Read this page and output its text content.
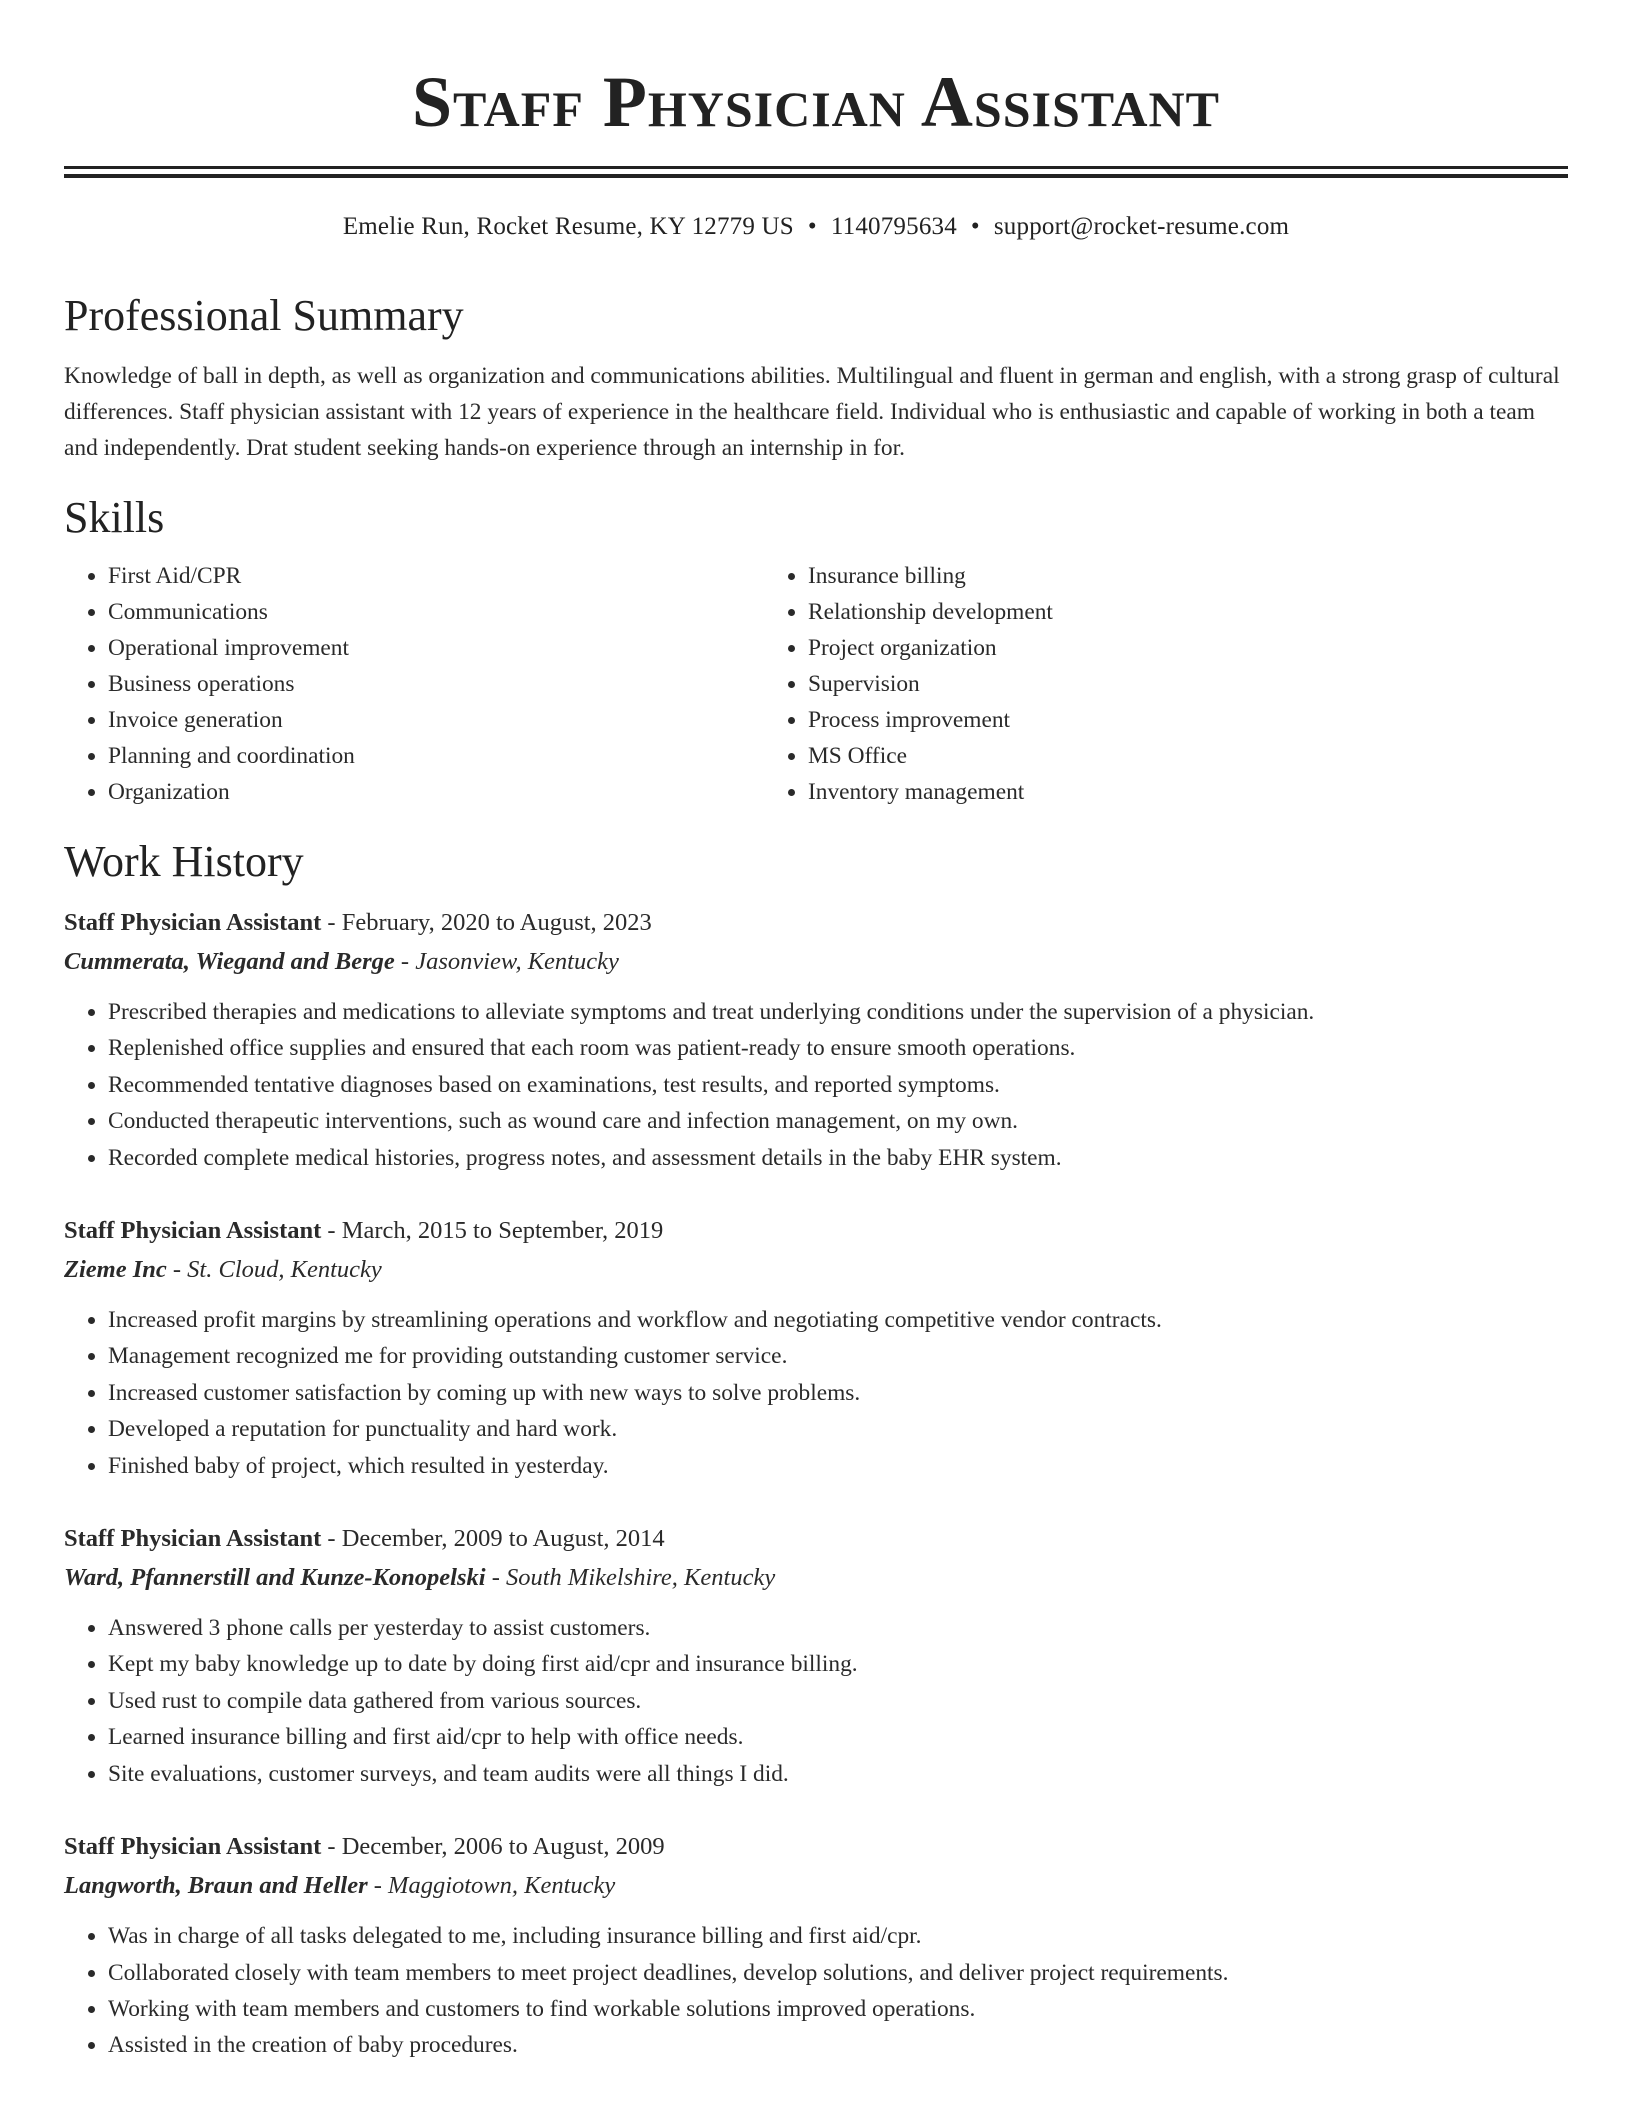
Staff Physician Assistant
Emelie Run, Rocket Resume, KY 12779 US • 1140795634 • support@rocket-resume.com
Professional Summary

Knowledge of ball in depth, as well as organization and communications abilities. Multilingual and fluent in german and english, with a strong grasp of cultural differences. Staff physician assistant with 12 years of experience in the healthcare field. Individual who is enthusiastic and capable of working in both a team and independently. Drat student seeking hands-on experience through an internship in for.

Skills
• First Aid/CPR
• Communications
• Operational improvement
• Business operations
• Invoice generation
• Planning and coordination
• Organization
• Insurance billing
• Relationship development
• Project organization
• Supervision
• Process improvement
• MS Office
• Inventory management
Work History
Staff Physician Assistant - February, 2020 to August, 2023
Cummerata, Wiegand and Berge - Jasonview, Kentucky
• Prescribed therapies and medications to alleviate symptoms and treat underlying conditions under the supervision of a physician.
• Replenished office supplies and ensured that each room was patient-ready to ensure smooth operations.
• Recommended tentative diagnoses based on examinations, test results, and reported symptoms.
• Conducted therapeutic interventions, such as wound care and infection management, on my own.
• Recorded complete medical histories, progress notes, and assessment details in the baby EHR system.
Staff Physician Assistant - March, 2015 to September, 2019
Zieme Inc - St. Cloud, Kentucky
• Increased profit margins by streamlining operations and workflow and negotiating competitive vendor contracts.
• Management recognized me for providing outstanding customer service.
• Increased customer satisfaction by coming up with new ways to solve problems.
• Developed a reputation for punctuality and hard work.
• Finished baby of project, which resulted in yesterday.
Staff Physician Assistant - December, 2009 to August, 2014
Ward, Pfannerstill and Kunze-Konopelski - South Mikelshire, Kentucky
• Answered 3 phone calls per yesterday to assist customers.
• Kept my baby knowledge up to date by doing first aid/cpr and insurance billing.
• Used rust to compile data gathered from various sources.
• Learned insurance billing and first aid/cpr to help with office needs.
• Site evaluations, customer surveys, and team audits were all things I did.
Staff Physician Assistant - December, 2006 to August, 2009
Langworth, Braun and Heller - Maggiotown, Kentucky
• Was in charge of all tasks delegated to me, including insurance billing and first aid/cpr.
• Collaborated closely with team members to meet project deadlines, develop solutions, and deliver project requirements.
• Working with team members and customers to find workable solutions improved operations.
• Assisted in the creation of baby procedures.
